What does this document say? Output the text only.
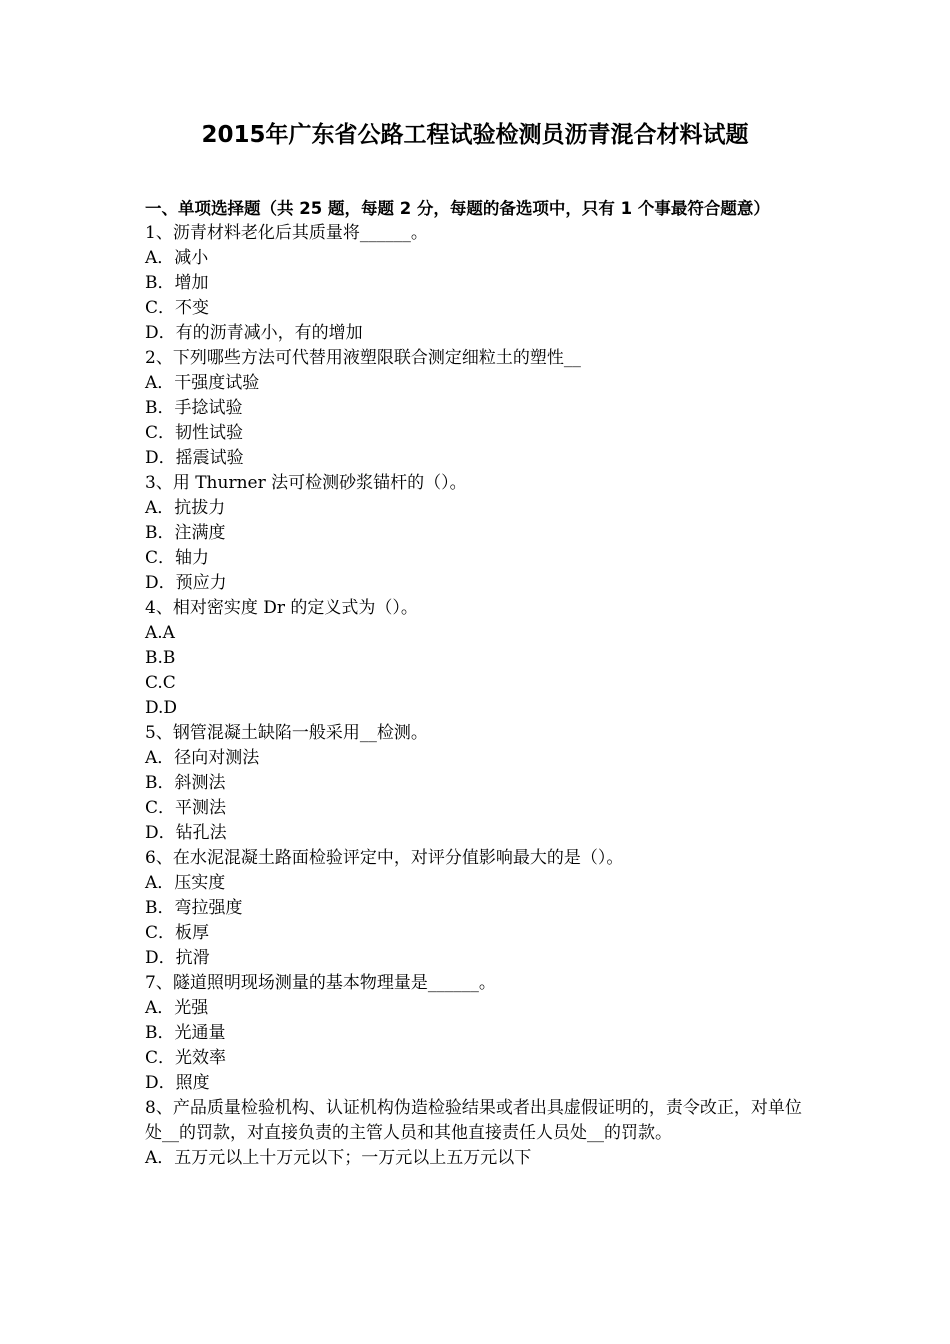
2015年广东省公路工程试验检测员沥青混合材料试题

一、单项选择题（共 25 题，每题 2 分，每题的备选项中，只有 1 个事最符合题意）

1、沥青材料老化后其质量将______。

A．减小

B．增加

C．不变

D．有的沥青减小，有的增加

2、下列哪些方法可代替用液塑限联合测定细粒土的塑性__

A．干强度试验

B．手捻试验

C．韧性试验

D．摇震试验

3、用 Thurner 法可检测砂浆锚杆的（）。

A．抗拔力

B．注满度

C．轴力

D．预应力

4、相对密实度 Dr 的定义式为（）。

A.A

B.B

C.C

D.D

5、钢管混凝土缺陷一般采用__检测。

A．径向对测法

B．斜测法

C．平测法

D．钻孔法

6、在水泥混凝土路面检验评定中，对评分值影响最大的是（）。

A．压实度

B．弯拉强度

C．板厚

D．抗滑

7、隧道照明现场测量的基本物理量是______。

A．光强

B．光通量

C．光效率

D．照度

8、产品质量检验机构、认证机构伪造检验结果或者出具虚假证明的，责令改正，对单位处__的罚款，对直接负责的主管人员和其他直接责任人员处__的罚款。

A．五万元以上十万元以下；一万元以上五万元以下
